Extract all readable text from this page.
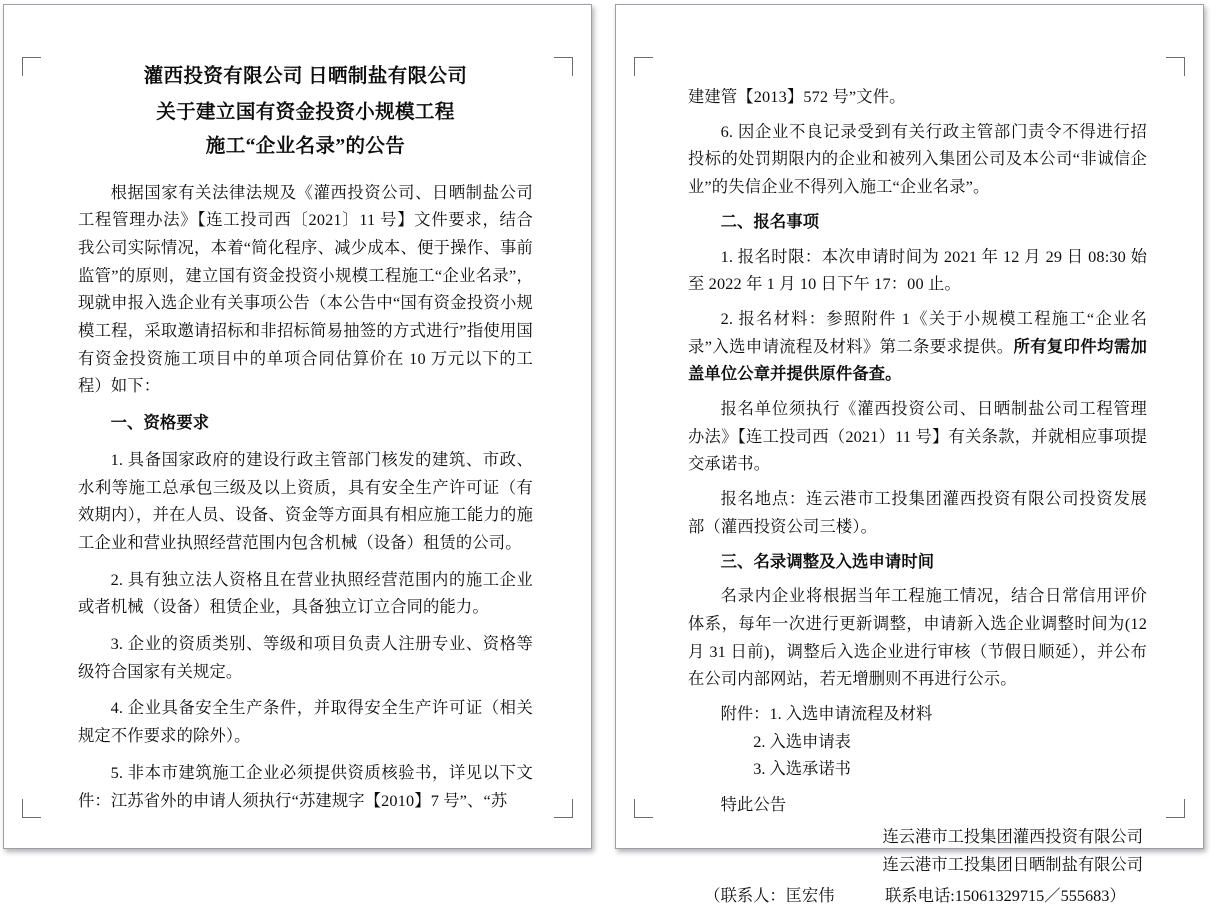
灌西投资有限公司 日晒制盐有限公司
关于建立国有资金投资小规模工程
施工“企业名录”的公告

根据国家有关法律法规及《灌西投资公司、日晒制盐公司工程管理办法》【连工投司西〔2021〕11 号】文件要求，结合我公司实际情况，本着“简化程序、减少成本、便于操作、事前监管”的原则，建立国有资金投资小规模工程施工“企业名录”，现就申报入选企业有关事项公告（本公告中“国有资金投资小规模工程，采取邀请招标和非招标简易抽签的方式进行”指使用国有资金投资施工项目中的单项合同估算价在 10 万元以下的工程）如下：

一、资格要求

1. 具备国家政府的建设行政主管部门核发的建筑、市政、水利等施工总承包三级及以上资质，具有安全生产许可证（有效期内），并在人员、设备、资金等方面具有相应施工能力的施工企业和营业执照经营范围内包含机械（设备）租赁的公司。

2. 具有独立法人资格且在营业执照经营范围内的施工企业或者机械（设备）租赁企业，具备独立订立合同的能力。

3. 企业的资质类别、等级和项目负责人注册专业、资格等级符合国家有关规定。

4. 企业具备安全生产条件，并取得安全生产许可证（相关规定不作要求的除外）。

5. 非本市建筑施工企业必须提供资质核验书，详见以下文件：江苏省外的申请人须执行“苏建规字【2010】7 号”、“苏

建建管【2013】572 号”文件。

6. 因企业不良记录受到有关行政主管部门责令不得进行招投标的处罚期限内的企业和被列入集团公司及本公司“非诚信企业”的失信企业不得列入施工“企业名录”。

二、报名事项

1. 报名时限：本次申请时间为 2021 年 12 月 29 日 08:30 始至 2022 年 1 月 10 日下午 17：00 止。

2. 报名材料：参照附件 1《关于小规模工程施工“企业名录”入选申请流程及材料》第二条要求提供。所有复印件均需加盖单位公章并提供原件备查。

报名单位须执行《灌西投资公司、日晒制盐公司工程管理办法》【连工投司西（2021）11 号】有关条款，并就相应事项提交承诺书。

报名地点：连云港市工投集团灌西投资有限公司投资发展部（灌西投资公司三楼）。

三、名录调整及入选申请时间

名录内企业将根据当年工程施工情况，结合日常信用评价体系，每年一次进行更新调整，申请新入选企业调整时间为(12 月 31 日前)，调整后入选企业进行审核（节假日顺延），并公布在公司内部网站，若无增删则不再进行公示。

附件：1. 入选申请流程及材料
2. 入选申请表
3. 入选承诺书

特此公告

连云港市工投集团灌西投资有限公司
连云港市工投集团日晒制盐有限公司
（联系人：匡宏伟	联系电话:15061329715／555683）
